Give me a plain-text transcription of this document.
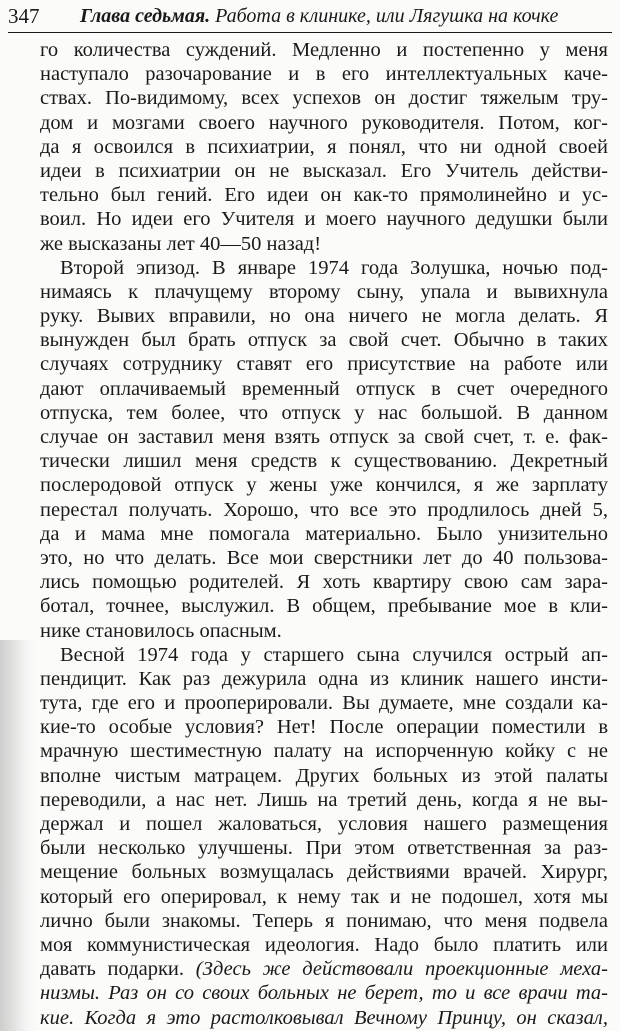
347 Глава седьмая. Работа в клинике, или Лягушка на кочке
го количества суждений. Медленно и постепенно у меня
наступало разочарование и в его интеллектуальных каче-
ствах. По-видимому, всех успехов он достиг тяжелым тру-
дом и мозгами своего научного руководителя. Потом, ког-
да я освоился в психиатрии, я понял, что ни одной своей
идеи в психиатрии он не высказал. Его Учитель действи-
тельно был гений. Его идеи он как-то прямолинейно и ус-
воил. Но идеи его Учителя и моего научного дедушки были
же высказаны лет 40—50 назад!
Второй эпизод. В январе 1974 года Золушка, ночью под-
нимаясь к плачущему второму сыну, упала и вывихнула
руку. Вывих вправили, но она ничего не могла делать. Я
вынужден был брать отпуск за свой счет. Обычно в таких
случаях сотруднику ставят его присутствие на работе или
дают оплачиваемый временный отпуск в счет очередного
отпуска, тем более, что отпуск у нас большой. В данном
случае он заставил меня взять отпуск за свой счет, т. е. фак-
тически лишил меня средств к существованию. Декретный
послеродовой отпуск у жены уже кончился, я же зарплату
перестал получать. Хорошо, что все это продлилось дней 5,
да и мама мне помогала материально. Было унизительно
это, но что делать. Все мои сверстники лет до 40 пользова-
лись помощью родителей. Я хоть квартиру свою сам зара-
ботал, точнее, выслужил. В общем, пребывание мое в кли-
нике становилось опасным.
Весной 1974 года у старшего сына случился острый ап-
пендицит. Как раз дежурила одна из клиник нашего инсти-
тута, где его и прооперировали. Вы думаете, мне создали ка-
кие-то особые условия? Нет! После операции поместили в
мрачную шестиместную палату на испорченную койку с не
вполне чистым матрацем. Других больных из этой палаты
переводили, а нас нет. Лишь на третий день, когда я не вы-
держал и пошел жаловаться, условия нашего размещения
были несколько улучшены. При этом ответственная за раз-
мещение больных возмущалась действиями врачей. Хирург,
который его оперировал, к нему так и не подошел, хотя мы
лично были знакомы. Теперь я понимаю, что меня подвела
моя коммунистическая идеология. Надо было платить или
давать подарки. (Здесь же действовали проекционные меха-
низмы. Раз он со своих больных не берет, то и все врачи та-
кие. Когда я это растолковывал Вечному Принцу, он сказал,
